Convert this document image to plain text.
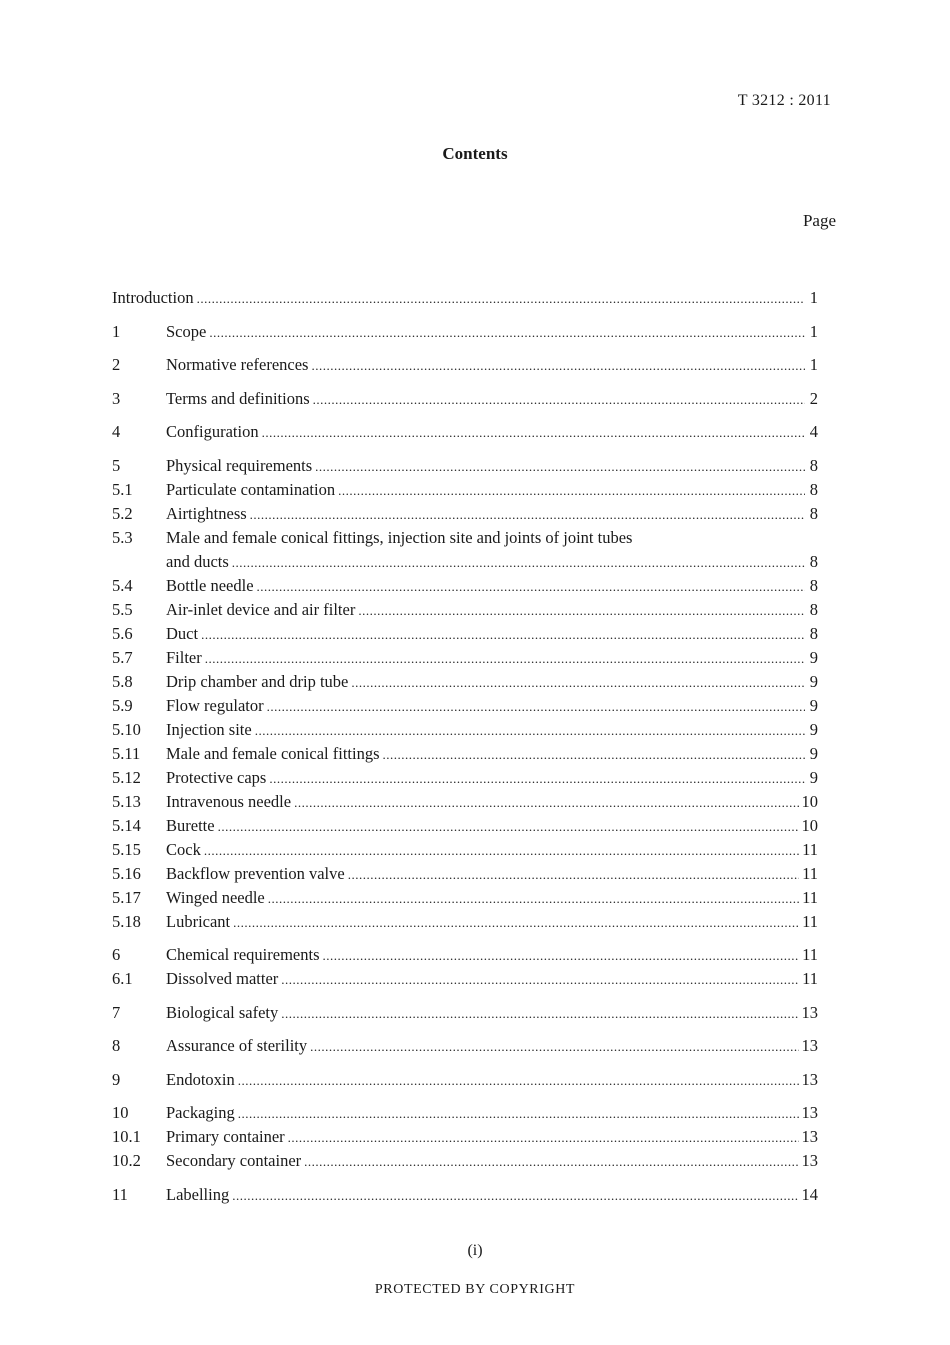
T 3212 : 2011
Contents
Page
Introduction .....	1
1	Scope .....	1
2	Normative references .....	1
3	Terms and definitions .....	2
4	Configuration .....	4
5	Physical requirements .....	8
5.1	Particulate contamination .....	8
5.2	Airtightness .....	8
5.3	Male and female conical fittings, injection site and joints of joint tubes
and ducts .....	8
5.4	Bottle needle .....	8
5.5	Air-inlet device and air filter .....	8
5.6	Duct .....	8
5.7	Filter .....	9
5.8	Drip chamber and drip tube .....	9
5.9	Flow regulator .....	9
5.10	Injection site .....	9
5.11	Male and female conical fittings .....	9
5.12	Protective caps .....	9
5.13	Intravenous needle .....	10
5.14	Burette .....	10
5.15	Cock .....	11
5.16	Backflow prevention valve .....	11
5.17	Winged needle .....	11
5.18	Lubricant .....	11
6	Chemical requirements .....	11
6.1	Dissolved matter .....	11
7	Biological safety .....	13
8	Assurance of sterility .....	13
9	Endotoxin .....	13
10	Packaging .....	13
10.1	Primary container .....	13
10.2	Secondary container .....	13
11	Labelling .....	14
(i)
PROTECTED BY COPYRIGHT
